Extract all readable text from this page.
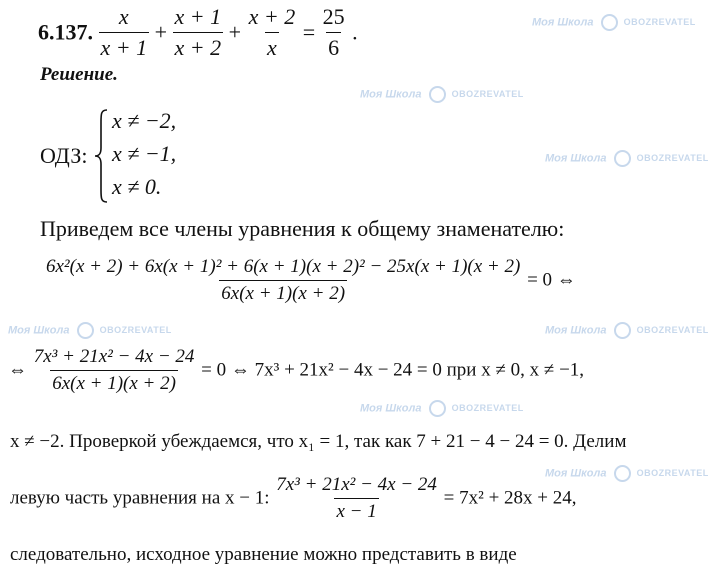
Моя Школа	OBOZREVATEL
Моя Школа	OBOZREVATEL
Моя Школа	OBOZREVATEL
Моя Школа	OBOZREVATEL	Моя Школа	OBOZREVATEL
Моя Школа	OBOZREVATEL
Моя Школа	OBOZREVATEL
6.137. $\frac{x}{x + 1} + \frac{x + 1}{x + 2} + \frac{x + 2}{x} = \frac{25}{6}$ .
Решение.
ОДЗ:
x ≠ −2,
x ≠ −1,
x ≠ 0.
Приведем все члены уравнения к общему знаменателю:
6x²(x + 2) + 6x(x + 1)² + 6(x + 1)(x + 2)² − 25x(x + 1)(x + 2)
6x(x + 1)(x + 2)
= 0 ⇔
⇔ $\frac{\text{7x³ + 21x² − 4x − 24}}{6x(x + 1)(x + 2)} = 0$ ⇔ 7x³ + 21x² − 4x − 24 = 0 при x ≠ 0, x ≠ −1,
x ≠ −2. Проверкой убеждаемся, что x₁ = 1, так как 7 + 21 − 4 − 24 = 0. Делим
левую часть уравнения на x − 1: $\frac{\text{7x³ + 21x² − 4x − 24}}{x - 1} = 7x^2 + 28x + 24$,
следовательно, исходное уравнение можно представить в виде
